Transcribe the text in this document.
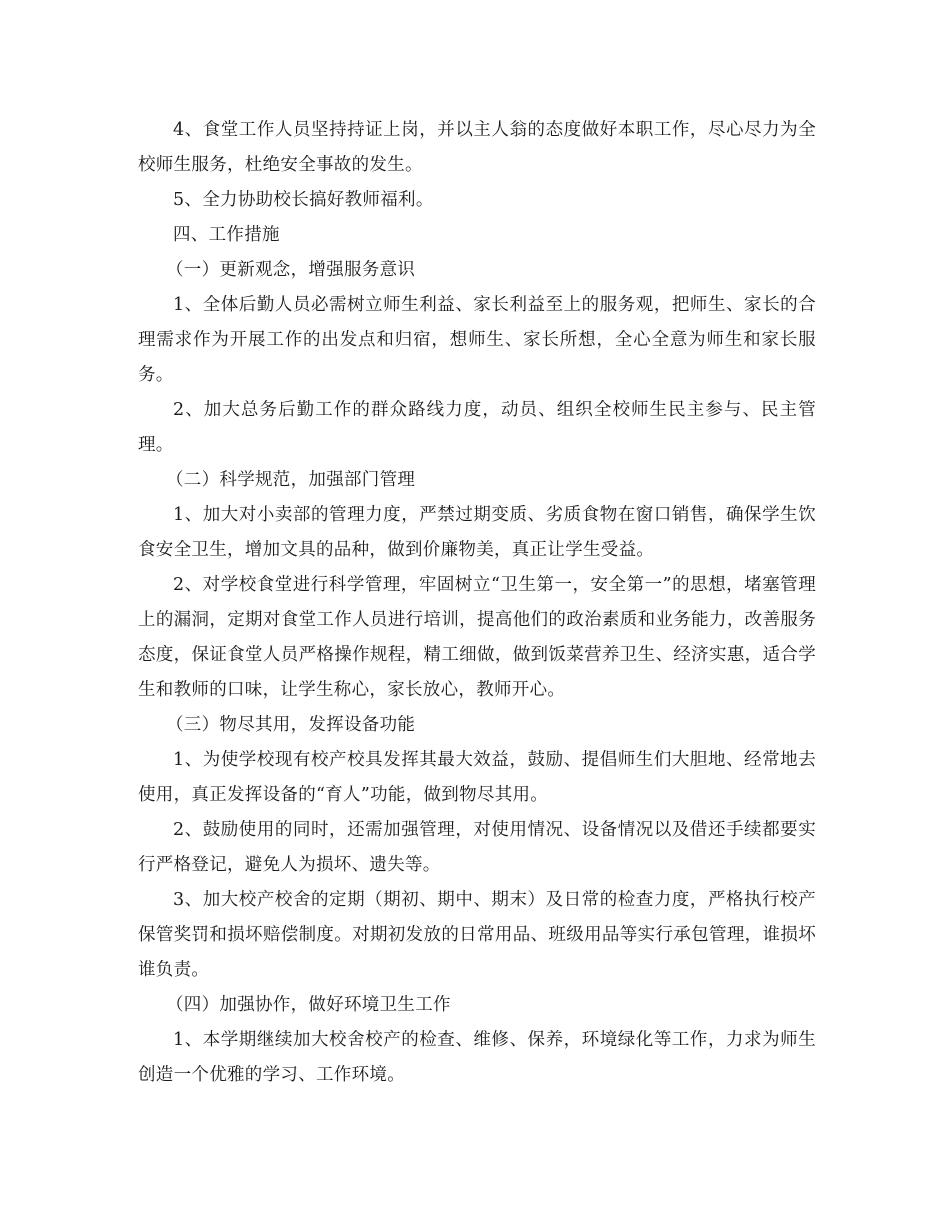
4、食堂工作人员坚持持证上岗，并以主人翁的态度做好本职工作，尽心尽力为全校师生服务，杜绝安全事故的发生。

5、全力协助校长搞好教师福利。

四、工作措施

（一）更新观念，增强服务意识

1、全体后勤人员必需树立师生利益、家长利益至上的服务观，把师生、家长的合理需求作为开展工作的出发点和归宿，想师生、家长所想，全心全意为师生和家长服务。

2、加大总务后勤工作的群众路线力度，动员、组织全校师生民主参与、民主管理。

（二）科学规范，加强部门管理

1、加大对小卖部的管理力度，严禁过期变质、劣质食物在窗口销售，确保学生饮食安全卫生，增加文具的品种，做到价廉物美，真正让学生受益。

2、对学校食堂进行科学管理，牢固树立“卫生第一，安全第一”的思想，堵塞管理上的漏洞，定期对食堂工作人员进行培训，提高他们的政治素质和业务能力，改善服务态度，保证食堂人员严格操作规程，精工细做，做到饭菜营养卫生、经济实惠，适合学生和教师的口味，让学生称心，家长放心，教师开心。

（三）物尽其用，发挥设备功能

1、为使学校现有校产校具发挥其最大效益，鼓励、提倡师生们大胆地、经常地去使用，真正发挥设备的“育人”功能，做到物尽其用。

2、鼓励使用的同时，还需加强管理，对使用情况、设备情况以及借还手续都要实行严格登记，避免人为损坏、遗失等。

3、加大校产校舍的定期（期初、期中、期末）及日常的检查力度，严格执行校产保管奖罚和损坏赔偿制度。对期初发放的日常用品、班级用品等实行承包管理，谁损坏谁负责。

（四）加强协作，做好环境卫生工作

1、本学期继续加大校舍校产的检查、维修、保养，环境绿化等工作，力求为师生创造一个优雅的学习、工作环境。
